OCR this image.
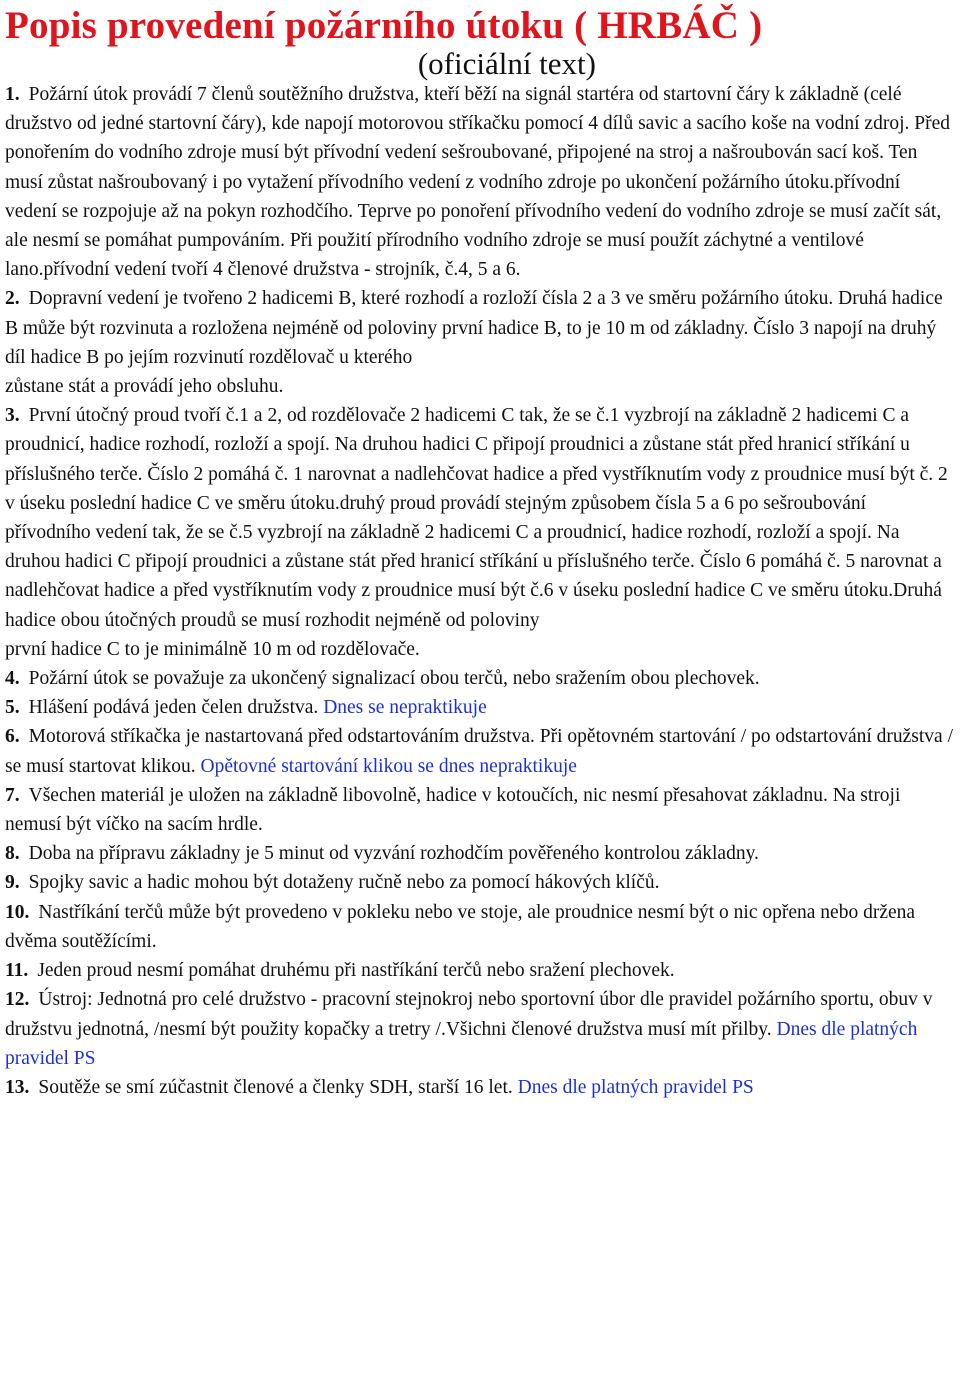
Popis provedení požárního útoku ( HRBÁČ )
(oficiální text)

1. Požární útok provádí 7 členů soutěžního družstva, kteří běží na signál startéra od startovní čáry k základně (celé družstvo od jedné startovní čáry), kde napojí motorovou stříkačku pomocí 4 dílů savic a sacího koše na vodní zdroj. Před ponořením do vodního zdroje musí být přívodní vedení sešroubované, připojené na stroj a našroubován sací koš. Ten musí zůstat našroubovaný i po vytažení přívodního vedení z vodního zdroje po ukončení požárního útoku.přívodní vedení se rozpojuje až na pokyn rozhodčího. Teprve po ponoření přívodního vedení do vodního zdroje se musí začít sát, ale nesmí se pomáhat pumpováním. Při použití přírodního vodního zdroje se musí použít záchytné a ventilové lano.přívodní vedení tvoří 4 členové družstva - strojník, č.4, 5 a 6.

2. Dopravní vedení je tvořeno 2 hadicemi B, které rozhodí a rozloží čísla 2 a 3 ve směru požárního útoku. Druhá hadice B může být rozvinuta a rozložena nejméně od poloviny první hadice B, to je 10 m od základny. Číslo 3 napojí na druhý díl hadice B po jejím rozvinutí rozdělovač u kterého
zůstane stát a provádí jeho obsluhu.

3. První útočný proud tvoří č.1 a 2, od rozdělovače 2 hadicemi C tak, že se č.1 vyzbrojí na základně 2 hadicemi C a proudnicí, hadice rozhodí, rozloží a spojí. Na druhou hadici C připojí proudnici a zůstane stát před hranicí stříkání u příslušného terče. Číslo 2 pomáhá č. 1 narovnat a nadlehčovat hadice a před vystříknutím vody z proudnice musí být č. 2 v úseku poslední hadice C ve směru útoku.druhý proud provádí stejným způsobem čísla 5 a 6 po sešroubování přívodního vedení tak, že se č.5 vyzbrojí na základně 2 hadicemi C a proudnicí, hadice rozhodí, rozloží a spojí. Na druhou hadici C připojí proudnici a zůstane stát před hranicí stříkání u příslušného terče. Číslo 6 pomáhá č. 5 narovnat a nadlehčovat hadice a před vystříknutím vody z proudnice musí být č.6 v úseku poslední hadice C ve směru útoku.Druhá hadice obou útočných proudů se musí rozhodit nejméně od poloviny
první hadice C to je minimálně 10 m od rozdělovače.

4. Požární útok se považuje za ukončený signalizací obou terčů, nebo sražením obou plechovek.

5. Hlášení podává jeden čelen družstva. Dnes se nepraktikuje

6. Motorová stříkačka je nastartovaná před odstartováním družstva. Při opětovném startování / po odstartování družstva / se musí startovat klikou. Opětovné startování klikou se dnes nepraktikuje

7. Všechen materiál je uložen na základně libovolně, hadice v kotoučích, nic nesmí přesahovat základnu. Na stroji nemusí být víčko na sacím hrdle.

8. Doba na přípravu základny je 5 minut od vyzvání rozhodčím pověřeného kontrolou základny.

9. Spojky savic a hadic mohou být dotaženy ručně nebo za pomocí hákových klíčů.

10. Nastříkání terčů může být provedeno v pokleku nebo ve stoje, ale proudnice nesmí být o nic opřena nebo držena dvěma soutěžícími.

11. Jeden proud nesmí pomáhat druhému při nastříkání terčů nebo sražení plechovek.

12. Ústroj: Jednotná pro celé družstvo - pracovní stejnokroj nebo sportovní úbor dle pravidel požárního sportu, obuv v družstvu jednotná, /nesmí být použity kopačky a tretry /.Všichni členové družstva musí mít přilby. Dnes dle platných pravidel PS

13. Soutěže se smí zúčastnit členové a členky SDH, starší 16 let. Dnes dle platných pravidel PS
